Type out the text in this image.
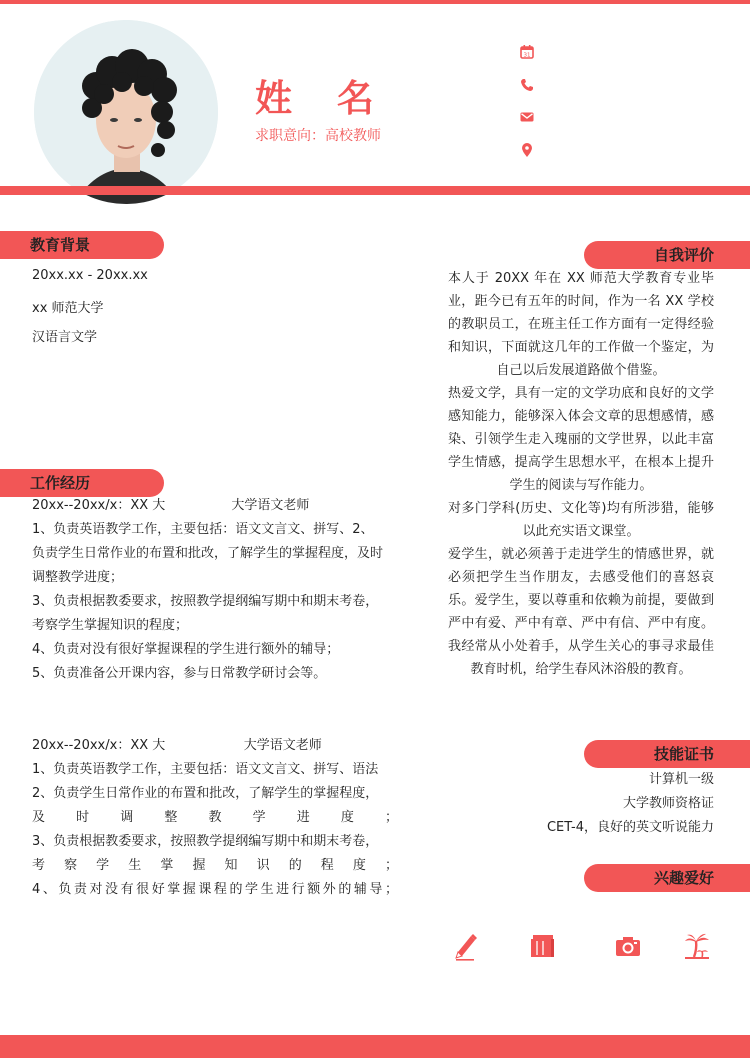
姓 名
求职意向：高校教师
31
教育背景
20xx.xx - 20xx.xx
xx 师范大学
汉语言文学
工作经历

20xx--20xx/x：XX 大                大学语文老师

1、负责英语教学工作，主要包括：语文文言文、拼写、2、

负责学生日常作业的布置和批改，了解学生的掌握程度，及时

调整教学进度；

3、负责根据教委要求，按照教学提纲编写期中和期末考卷，

考察学生掌握知识的程度；

4、负责对没有很好掌握课程的学生进行额外的辅导；

5、负责准备公开课内容，参与日常教学研讨会等。

20xx--20xx/x：XX 大                   大学语文老师

1、负责英语教学工作，主要包括：语文文言文、拼写、语法

2、负责学生日常作业的布置和批改，了解学生的掌握程度，

及时调整教学进度；

3、负责根据教委要求，按照教学提纲编写期中和期末考卷，

考察学生掌握知识的程度；

4、负责对没有很好掌握课程的学生进行额外的辅导；

自我评价

本人于 20XX 年在 XX 师范大学教育专业毕业，距今已有五年的时间，作为一名 XX 学校的教职员工，在班主任工作方面有一定得经验和知识，下面就这几年的工作做一个鉴定，为自己以后发展道路做个借鉴。

热爱文学，具有一定的文学功底和良好的文学感知能力，能够深入体会文章的思想感情，感染、引领学生走入瑰丽的文学世界，以此丰富学生情感，提高学生思想水平，在根本上提升学生的阅读与写作能力。

对多门学科(历史、文化等)均有所涉猎，能够以此充实语文课堂。

爱学生，就必须善于走进学生的情感世界，就必须把学生当作朋友，去感受他们的喜怒哀乐。爱学生，要以尊重和依赖为前提，要做到严中有爱、严中有章、严中有信、严中有度。我经常从小处着手，从学生关心的事寻求最佳教育时机，给学生春风沐浴般的教育。

技能证书
计算机一级
大学教师资格证
CET-4，良好的英文听说能力
兴趣爱好
